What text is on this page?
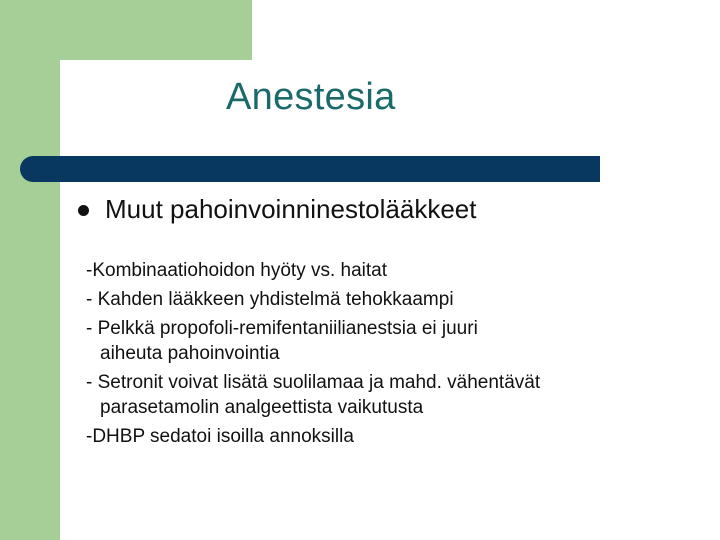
Anestesia
Muut pahoinvoinninestolääkkeet
-Kombinaatiohoidon hyöty vs. haitat
- Kahden lääkkeen yhdistelmä tehokkaampi
- Pelkkä propofoli-remifentaniilianestsia ei juuri
aiheuta pahoinvointia
- Setronit voivat lisätä suolilamaa ja mahd. vähentävät
parasetamolin analgeettista vaikutusta
-DHBP sedatoi isoilla annoksilla
